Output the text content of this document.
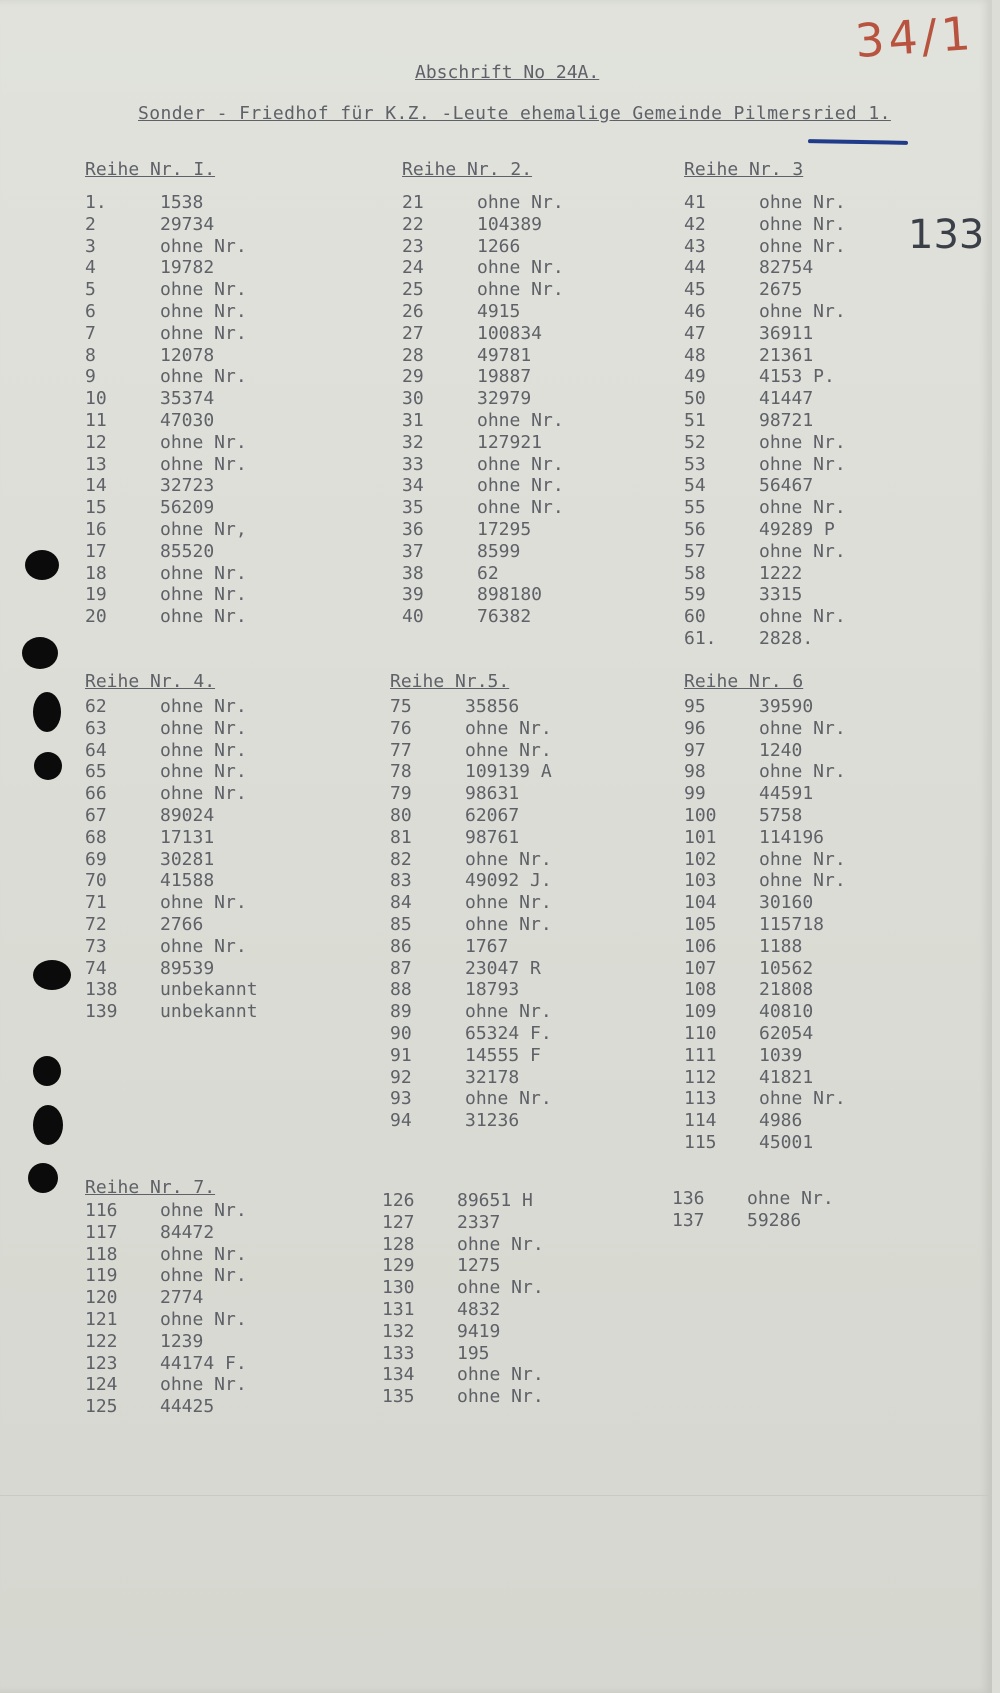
34/1
133
Abschrift No 24A.
Sonder - Friedhof für K.Z. -Leute ehemalige Gemeinde Pilmersried 1.
Reihe Nr. I.
1.	1538
2	29734
3	ohne Nr.
4	19782
5	ohne Nr.
6	ohne Nr.
7	ohne Nr.
8	12078
9	ohne Nr.
10	35374
11	47030
12	ohne Nr.
13	ohne Nr.
14	32723
15	56209
16	ohne Nr,
17	85520
18	ohne Nr.
19	ohne Nr.
20	ohne Nr.
Reihe Nr. 2.
21	ohne Nr.
22	104389
23	1266
24	ohne Nr.
25	ohne Nr.
26	4915
27	100834
28	49781
29	19887
30	32979
31	ohne Nr.
32	127921
33	ohne Nr.
34	ohne Nr.
35	ohne Nr.
36	17295
37	8599
38	62
39	898180
40	76382
Reihe Nr. 3
41	ohne Nr.
42	ohne Nr.
43	ohne Nr.
44	82754
45	2675
46	ohne Nr.
47	36911
48	21361
49	4153 P.
50	41447
51	98721
52	ohne Nr.
53	ohne Nr.
54	56467
55	ohne Nr.
56	49289 P
57	ohne Nr.
58	1222
59	3315
60	ohne Nr.
61.	2828.
Reihe Nr. 4.
62	ohne Nr.
63	ohne Nr.
64	ohne Nr.
65	ohne Nr.
66	ohne Nr.
67	89024
68	17131
69	30281
70	41588
71	ohne Nr.
72	2766
73	ohne Nr.
74	89539
138	unbekannt
139	unbekannt
Reihe Nr.5.
75	35856
76	ohne Nr.
77	ohne Nr.
78	109139 A
79	98631
80	62067
81	98761
82	ohne Nr.
83	49092 J.
84	ohne Nr.
85	ohne Nr.
86	1767
87	23047 R
88	18793
89	ohne Nr.
90	65324 F.
91	14555 F
92	32178
93	ohne Nr.
94	31236
Reihe Nr. 6
95	39590
96	ohne Nr.
97	1240
98	ohne Nr.
99	44591
100	5758
101	114196
102	ohne Nr.
103	ohne Nr.
104	30160
105	115718
106	1188
107	10562
108	21808
109	40810
110	62054
111	1039
112	41821
113	ohne Nr.
114	4986
115	45001
Reihe Nr. 7.
116	ohne Nr.
117	84472
118	ohne Nr.
119	ohne Nr.
120	2774
121	ohne Nr.
122	1239
123	44174 F.
124	ohne Nr.
125	44425
126	89651 H
127	2337
128	ohne Nr.
129	1275
130	ohne Nr.
131	4832
132	9419
133	195
134	ohne Nr.
135	ohne Nr.
136	ohne Nr.
137	59286
